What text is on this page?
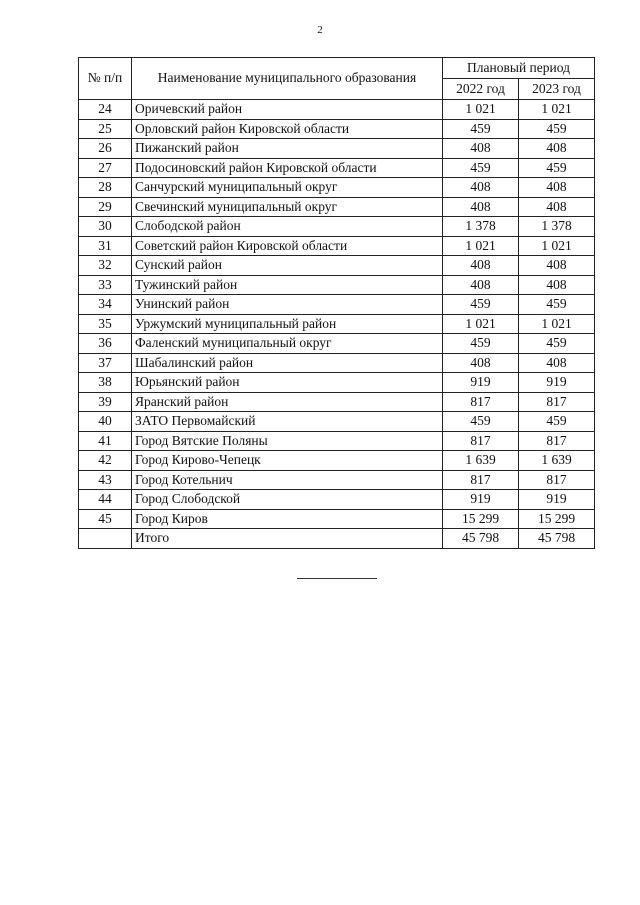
2
№ п/п	Наименование муниципального образования	Плановый период	
		2022 год	2023 год
24	Оричевский район	1 021	1 021
25	Орловский район Кировской области	459	459
26	Пижанский район	408	408
27	Подосиновский район Кировской области	459	459
28	Санчурский муниципальный округ	408	408
29	Свечинский муниципальный округ	408	408
30	Слободской район	1 378	1 378
31	Советский район Кировской области	1 021	1 021
32	Сунский район	408	408
33	Тужинский район	408	408
34	Унинский район	459	459
35	Уржумский муниципальный район	1 021	1 021
36	Фаленский муниципальный округ	459	459
37	Шабалинский район	408	408
38	Юрьянский район	919	919
39	Яранский район	817	817
40	ЗАТО Первомайский	459	459
41	Город Вятские Поляны	817	817
42	Город Кирово-Чепецк	1 639	1 639
43	Город Котельнич	817	817
44	Город Слободской	919	919
45	Город Киров	15 299	15 299
	Итого	45 798	45 798
